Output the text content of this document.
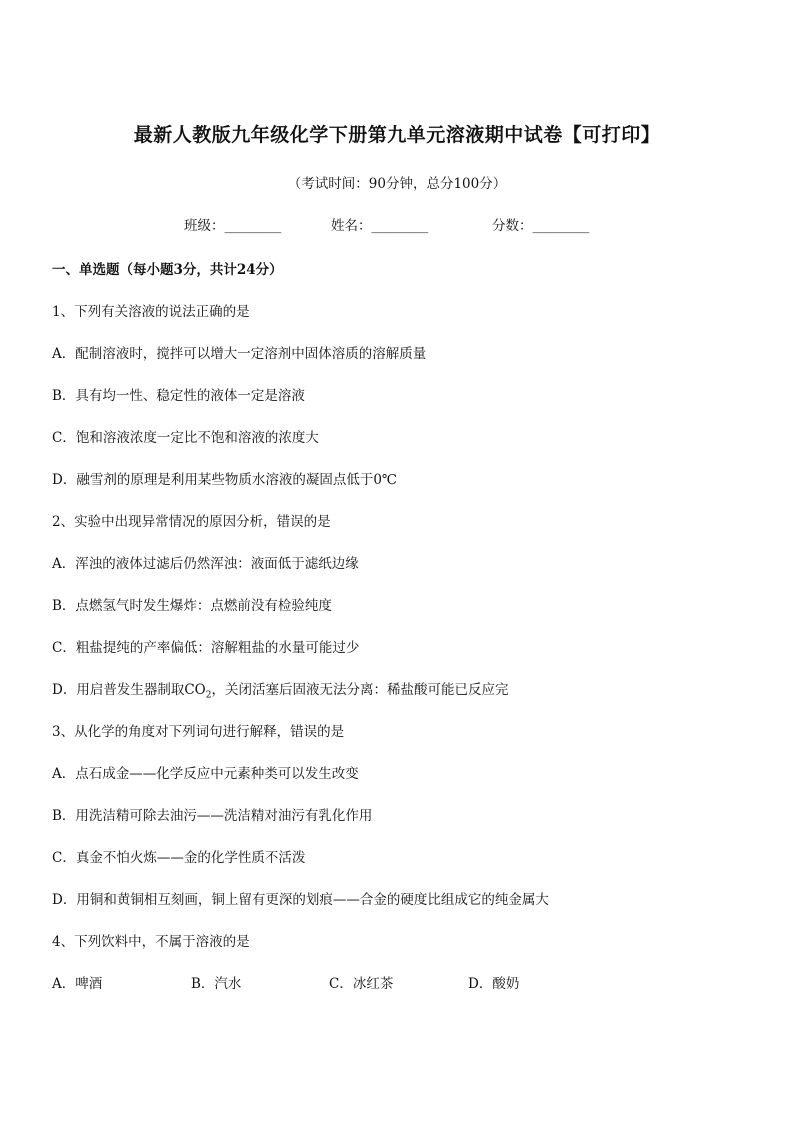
最新人教版九年级化学下册第九单元溶液期中试卷【可打印】
（考试时间：90分钟，总分100分）
班级：_________	姓名：_________	分数：_________
一、单选题（每小题3分，共计24分）
1、下列有关溶液的说法正确的是
A．配制溶液时，搅拌可以增大一定溶剂中固体溶质的溶解质量
B．具有均一性、稳定性的液体一定是溶液
C．饱和溶液浓度一定比不饱和溶液的浓度大
D．融雪剂的原理是利用某些物质水溶液的凝固点低于0℃
2、实验中出现异常情况的原因分析，错误的是
A．浑浊的液体过滤后仍然浑浊：液面低于滤纸边缘
B．点燃氢气时发生爆炸：点燃前没有检验纯度
C．粗盐提纯的产率偏低：溶解粗盐的水量可能过少
D．用启普发生器制取$CO_2$，关闭活塞后固液无法分离：稀盐酸可能已反应完
3、从化学的角度对下列词句进行解释，错误的是
A．点石成金——化学反应中元素种类可以发生改变
B．用洗洁精可除去油污——洗洁精对油污有乳化作用
C．真金不怕火炼——金的化学性质不活泼
D．用铜和黄铜相互刻画，铜上留有更深的划痕——合金的硬度比组成它的纯金属大
4、下列饮料中，不属于溶液的是
A．啤酒	B．汽水	C．冰红茶	D．酸奶
